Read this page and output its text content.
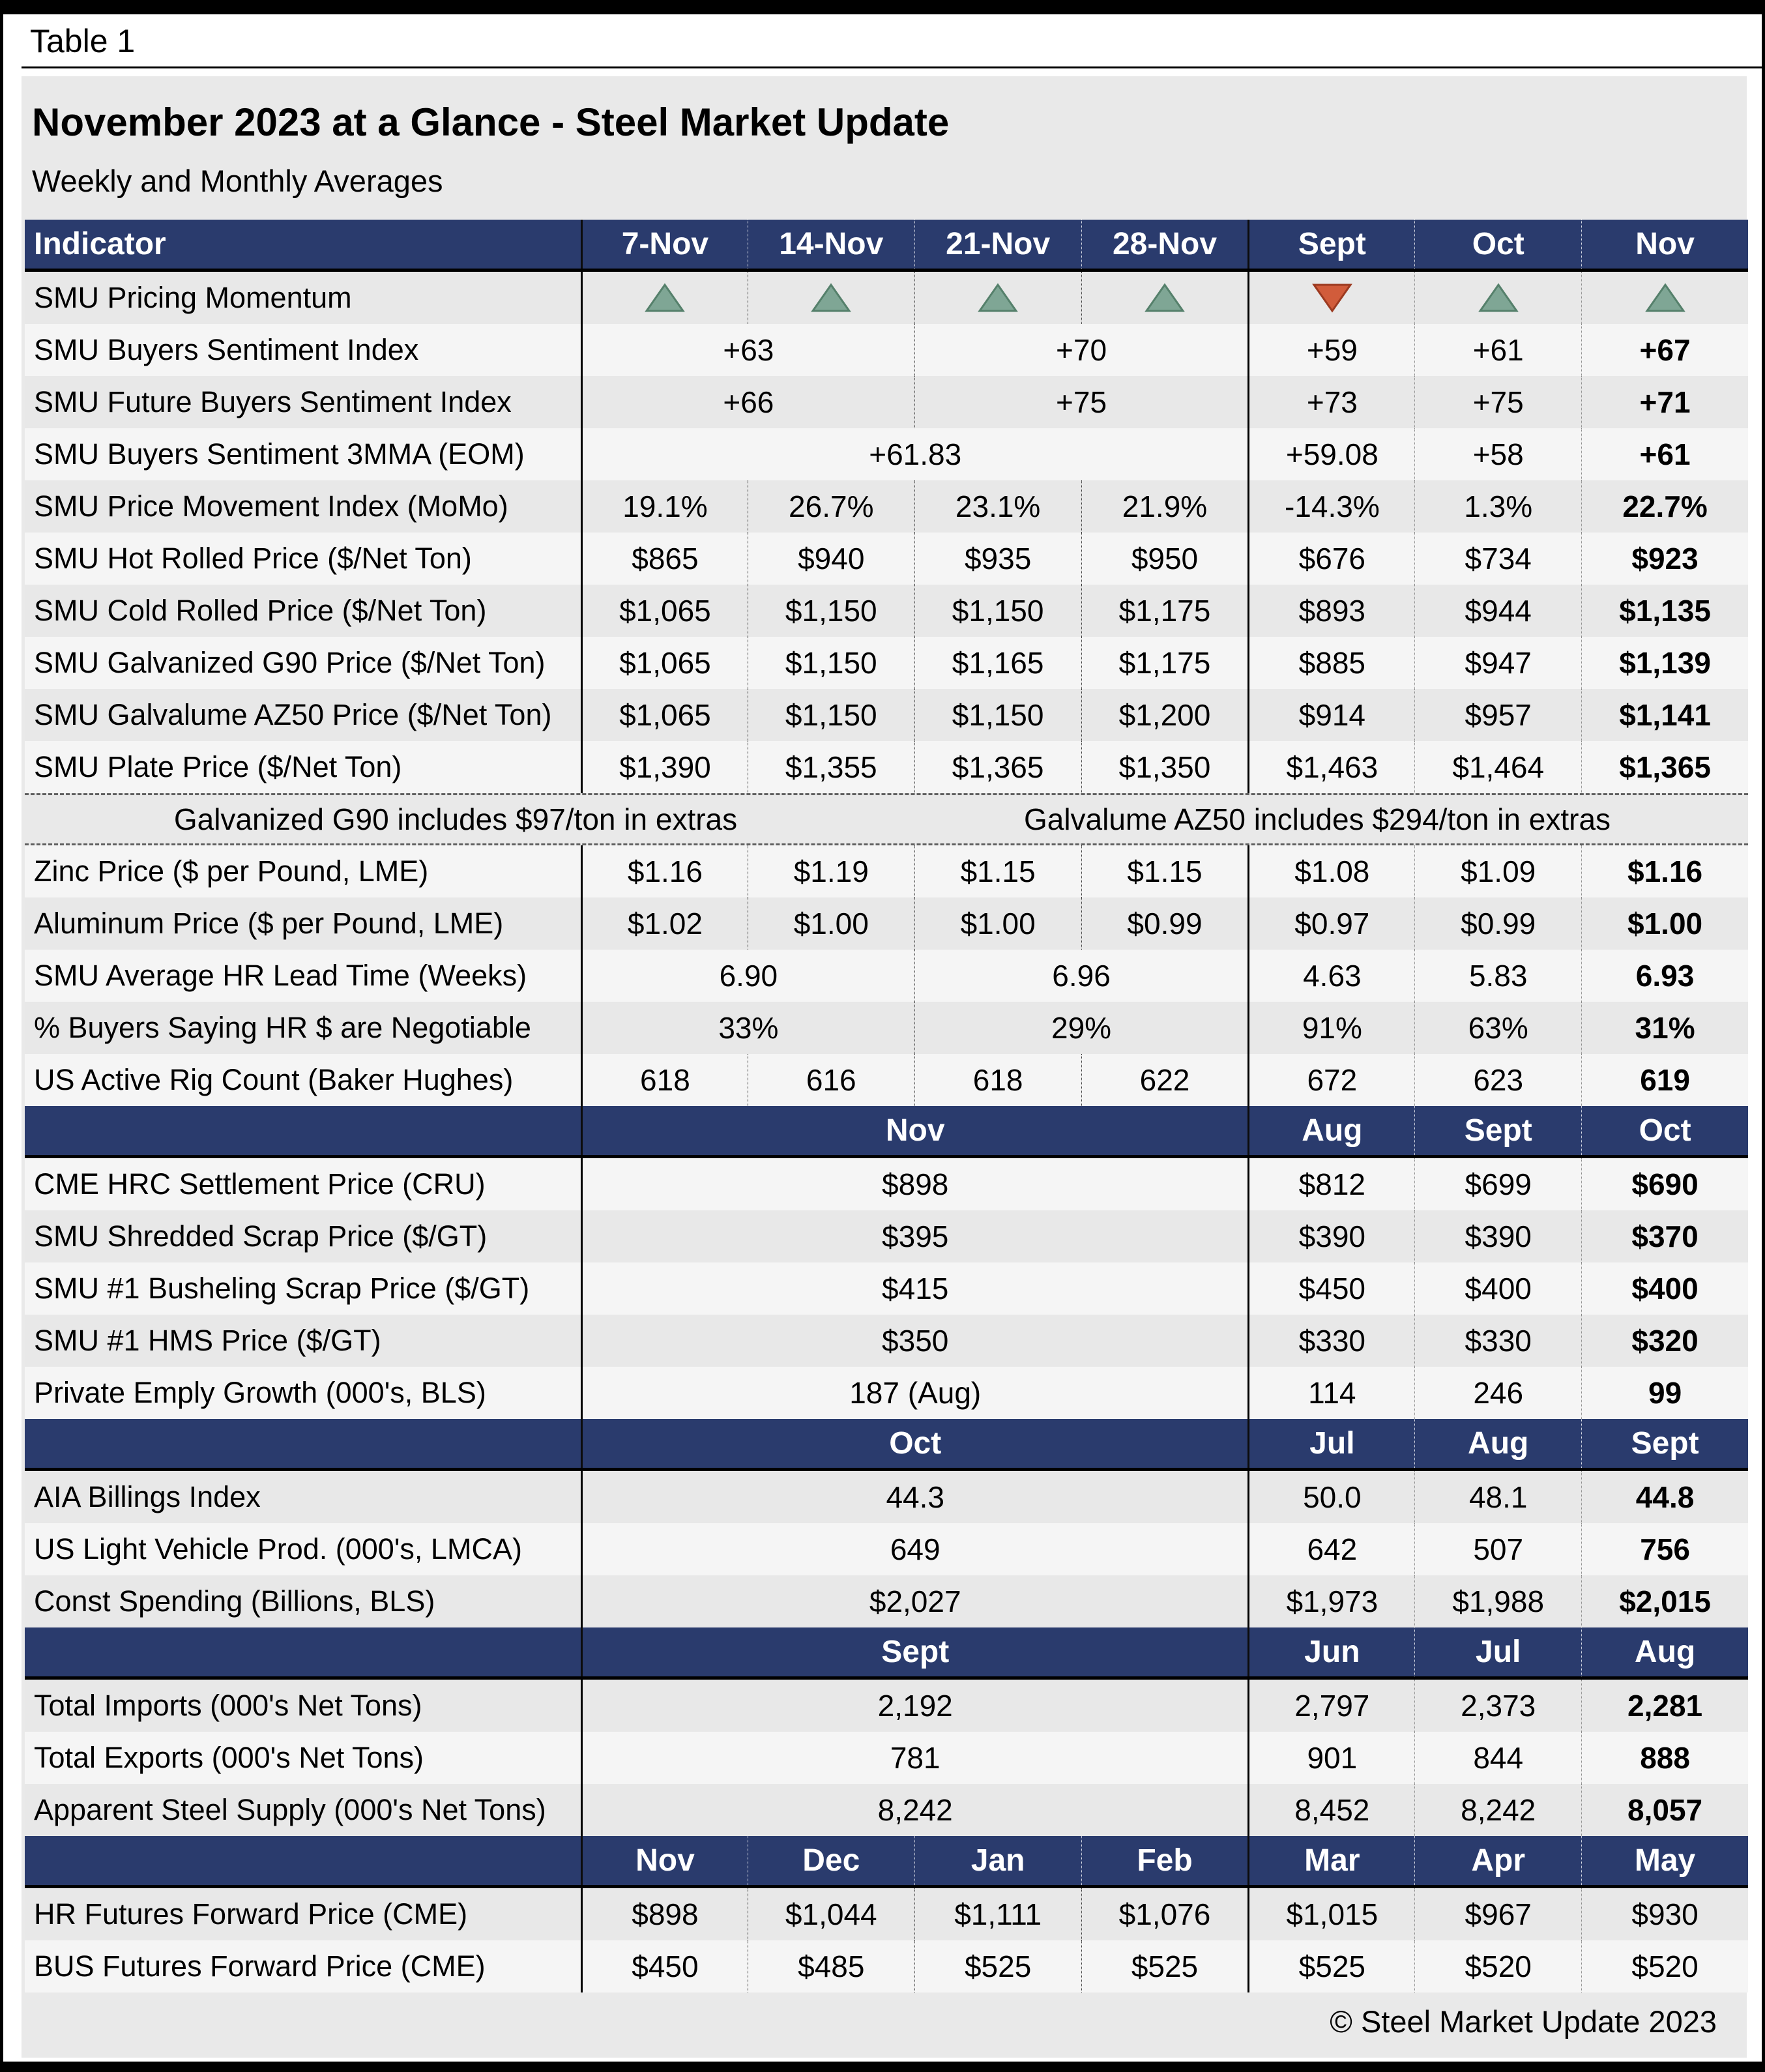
Table 1
November 2023 at a Glance - Steel Market Update
Weekly and Monthly Averages
Indicator	7-Nov	14-Nov	21-Nov	28-Nov	Sept	Oct	Nov
SMU Pricing Momentum
SMU Buyers Sentiment Index	+63	+70	+59	+61	+67
SMU Future Buyers Sentiment Index	+66	+75	+73	+75	+71
SMU Buyers Sentiment 3MMA (EOM)	+61.83	+59.08	+58	+61
SMU Price Movement Index (MoMo)	19.1%	26.7%	23.1%	21.9%	-14.3%	1.3%	22.7%
SMU Hot Rolled Price ($/Net Ton)	$865	$940	$935	$950	$676	$734	$923
SMU Cold Rolled Price ($/Net Ton)	$1,065	$1,150	$1,150	$1,175	$893	$944	$1,135
SMU Galvanized G90 Price ($/Net Ton)	$1,065	$1,150	$1,165	$1,175	$885	$947	$1,139
SMU Galvalume AZ50 Price ($/Net Ton)	$1,065	$1,150	$1,150	$1,200	$914	$957	$1,141
SMU Plate Price ($/Net Ton)	$1,390	$1,355	$1,365	$1,350	$1,463	$1,464	$1,365
Galvanized G90 includes $97/ton in extras	Galvalume AZ50 includes $294/ton in extras
Zinc Price ($ per Pound, LME)	$1.16	$1.19	$1.15	$1.15	$1.08	$1.09	$1.16
Aluminum Price ($ per Pound, LME)	$1.02	$1.00	$1.00	$0.99	$0.97	$0.99	$1.00
SMU Average HR Lead Time (Weeks)	6.90	6.96	4.63	5.83	6.93
% Buyers Saying HR $ are Negotiable	33%	29%	91%	63%	31%
US Active Rig Count (Baker Hughes)	618	616	618	622	672	623	619
Nov	Aug	Sept	Oct
CME HRC Settlement Price (CRU)	$898	$812	$699	$690
SMU Shredded Scrap Price ($/GT)	$395	$390	$390	$370
SMU #1 Busheling Scrap Price ($/GT)	$415	$450	$400	$400
SMU #1 HMS Price ($/GT)	$350	$330	$330	$320
Private Emply Growth (000's, BLS)	187 (Aug)	114	246	99
Oct	Jul	Aug	Sept
AIA Billings Index	44.3	50.0	48.1	44.8
US Light Vehicle Prod. (000's, LMCA)	649	642	507	756
Const Spending (Billions, BLS)	$2,027	$1,973	$1,988	$2,015
Sept	Jun	Jul	Aug
Total Imports (000's Net Tons)	2,192	2,797	2,373	2,281
Total Exports (000's Net Tons)	781	901	844	888
Apparent Steel Supply (000's Net Tons)	8,242	8,452	8,242	8,057
Nov	Dec	Jan	Feb	Mar	Apr	May
HR Futures Forward Price (CME)	$898	$1,044	$1,111	$1,076	$1,015	$967	$930
BUS Futures Forward Price (CME)	$450	$485	$525	$525	$525	$520	$520
© Steel Market Update 2023
